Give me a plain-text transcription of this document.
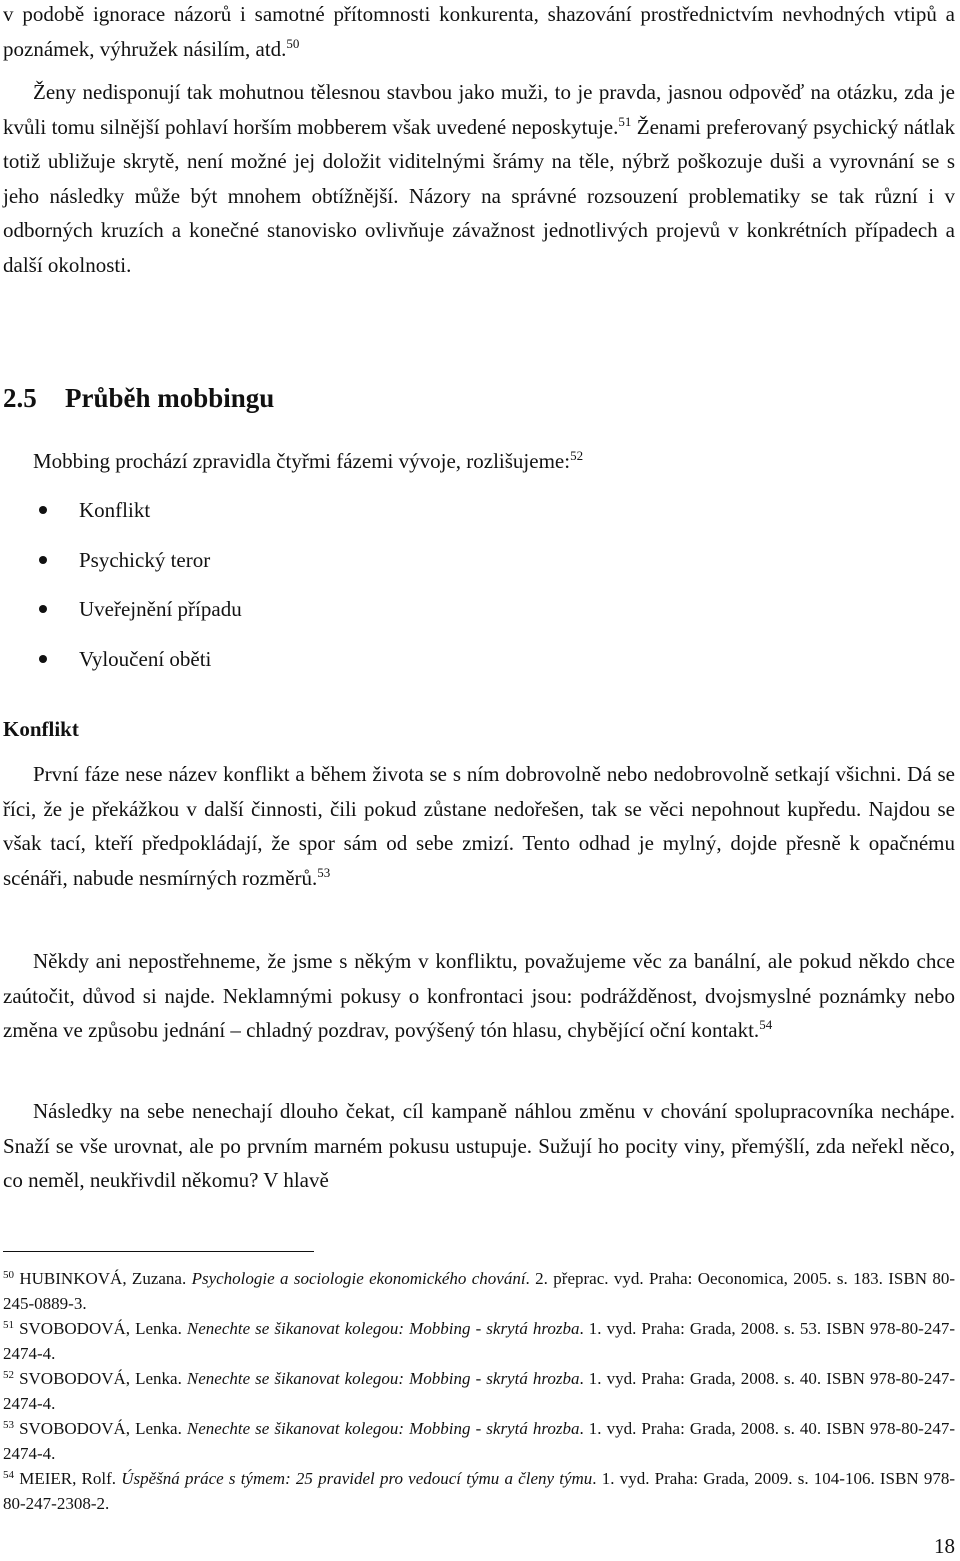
v podobě ignorace názorů i samotné přítomnosti konkurenta, shazování prostřednictvím nevhodných vtipů a poznámek, výhružek násilím, atd.$^{50}$

Ženy nedisponují tak mohutnou tělesnou stavbou jako muži, to je pravda, jasnou odpověď na otázku, zda je kvůli tomu silnější pohlaví horším mobberem však uvedené neposkytuje.$^{51}$ Ženami preferovaný psychický nátlak totiž ubližuje skrytě, není možné jej doložit viditelnými šrámy na těle, nýbrž poškozuje duši a vyrovnání se s jeho následky může být mnohem obtížnější. Názory na správné rozsouzení problematiky se tak různí i v odborných kruzích a konečné stanovisko ovlivňuje závažnost jednotlivých projevů v konkrétních případech a další okolnosti.

2.5 Průběh mobbingu

Mobbing prochází zpravidla čtyřmi fázemi vývoje, rozlišujeme:$^{52}$

Konflikt
Psychický teror
Uveřejnění případu
Vyloučení oběti
Konflikt

První fáze nese název konflikt a během života se s ním dobrovolně nebo nedobrovolně setkají všichni. Dá se říci, že je překážkou v další činnosti, čili pokud zůstane nedořešen, tak se věci nepohnout kupředu. Najdou se však tací, kteří předpokládají, že spor sám od sebe zmizí. Tento odhad je mylný, dojde přesně k opačnému scénáři, nabude nesmírných rozměrů.$^{53}$

Někdy ani nepostřehneme, že jsme s někým v konfliktu, považujeme věc za banální, ale pokud někdo chce zaútočit, důvod si najde. Neklamnými pokusy o konfrontaci jsou: podrážděnost, dvojsmyslné poznámky nebo změna ve způsobu jednání – chladný pozdrav, povýšený tón hlasu, chybějící oční kontakt.$^{54}$

Následky na sebe nenechají dlouho čekat, cíl kampaně náhlou změnu v chování spolupracovníka nechápe. Snaží se vše urovnat, ale po prvním marném pokusu ustupuje. Sužují ho pocity viny, přemýšlí, zda neřekl něco, co neměl, neukřivdil někomu? V hlavě

$^{50}$ HUBINKOVÁ, Zuzana. Psychologie a sociologie ekonomického chování. 2. přeprac. vyd. Praha: Oeconomica, 2005. s. 183. ISBN 80-245-0889-3.

$^{51}$ SVOBODOVÁ, Lenka. Nenechte se šikanovat kolegou: Mobbing - skrytá hrozba. 1. vyd. Praha: Grada, 2008. s. 53. ISBN 978-80-247-2474-4.

$^{52}$ SVOBODOVÁ, Lenka. Nenechte se šikanovat kolegou: Mobbing - skrytá hrozba. 1. vyd. Praha: Grada, 2008. s. 40. ISBN 978-80-247-2474-4.

$^{53}$ SVOBODOVÁ, Lenka. Nenechte se šikanovat kolegou: Mobbing - skrytá hrozba. 1. vyd. Praha: Grada, 2008. s. 40. ISBN 978-80-247-2474-4.

$^{54}$ MEIER, Rolf. Úspěšná práce s týmem: 25 pravidel pro vedoucí týmu a členy týmu. 1. vyd. Praha: Grada, 2009. s. 104-106. ISBN 978-80-247-2308-2.

18
